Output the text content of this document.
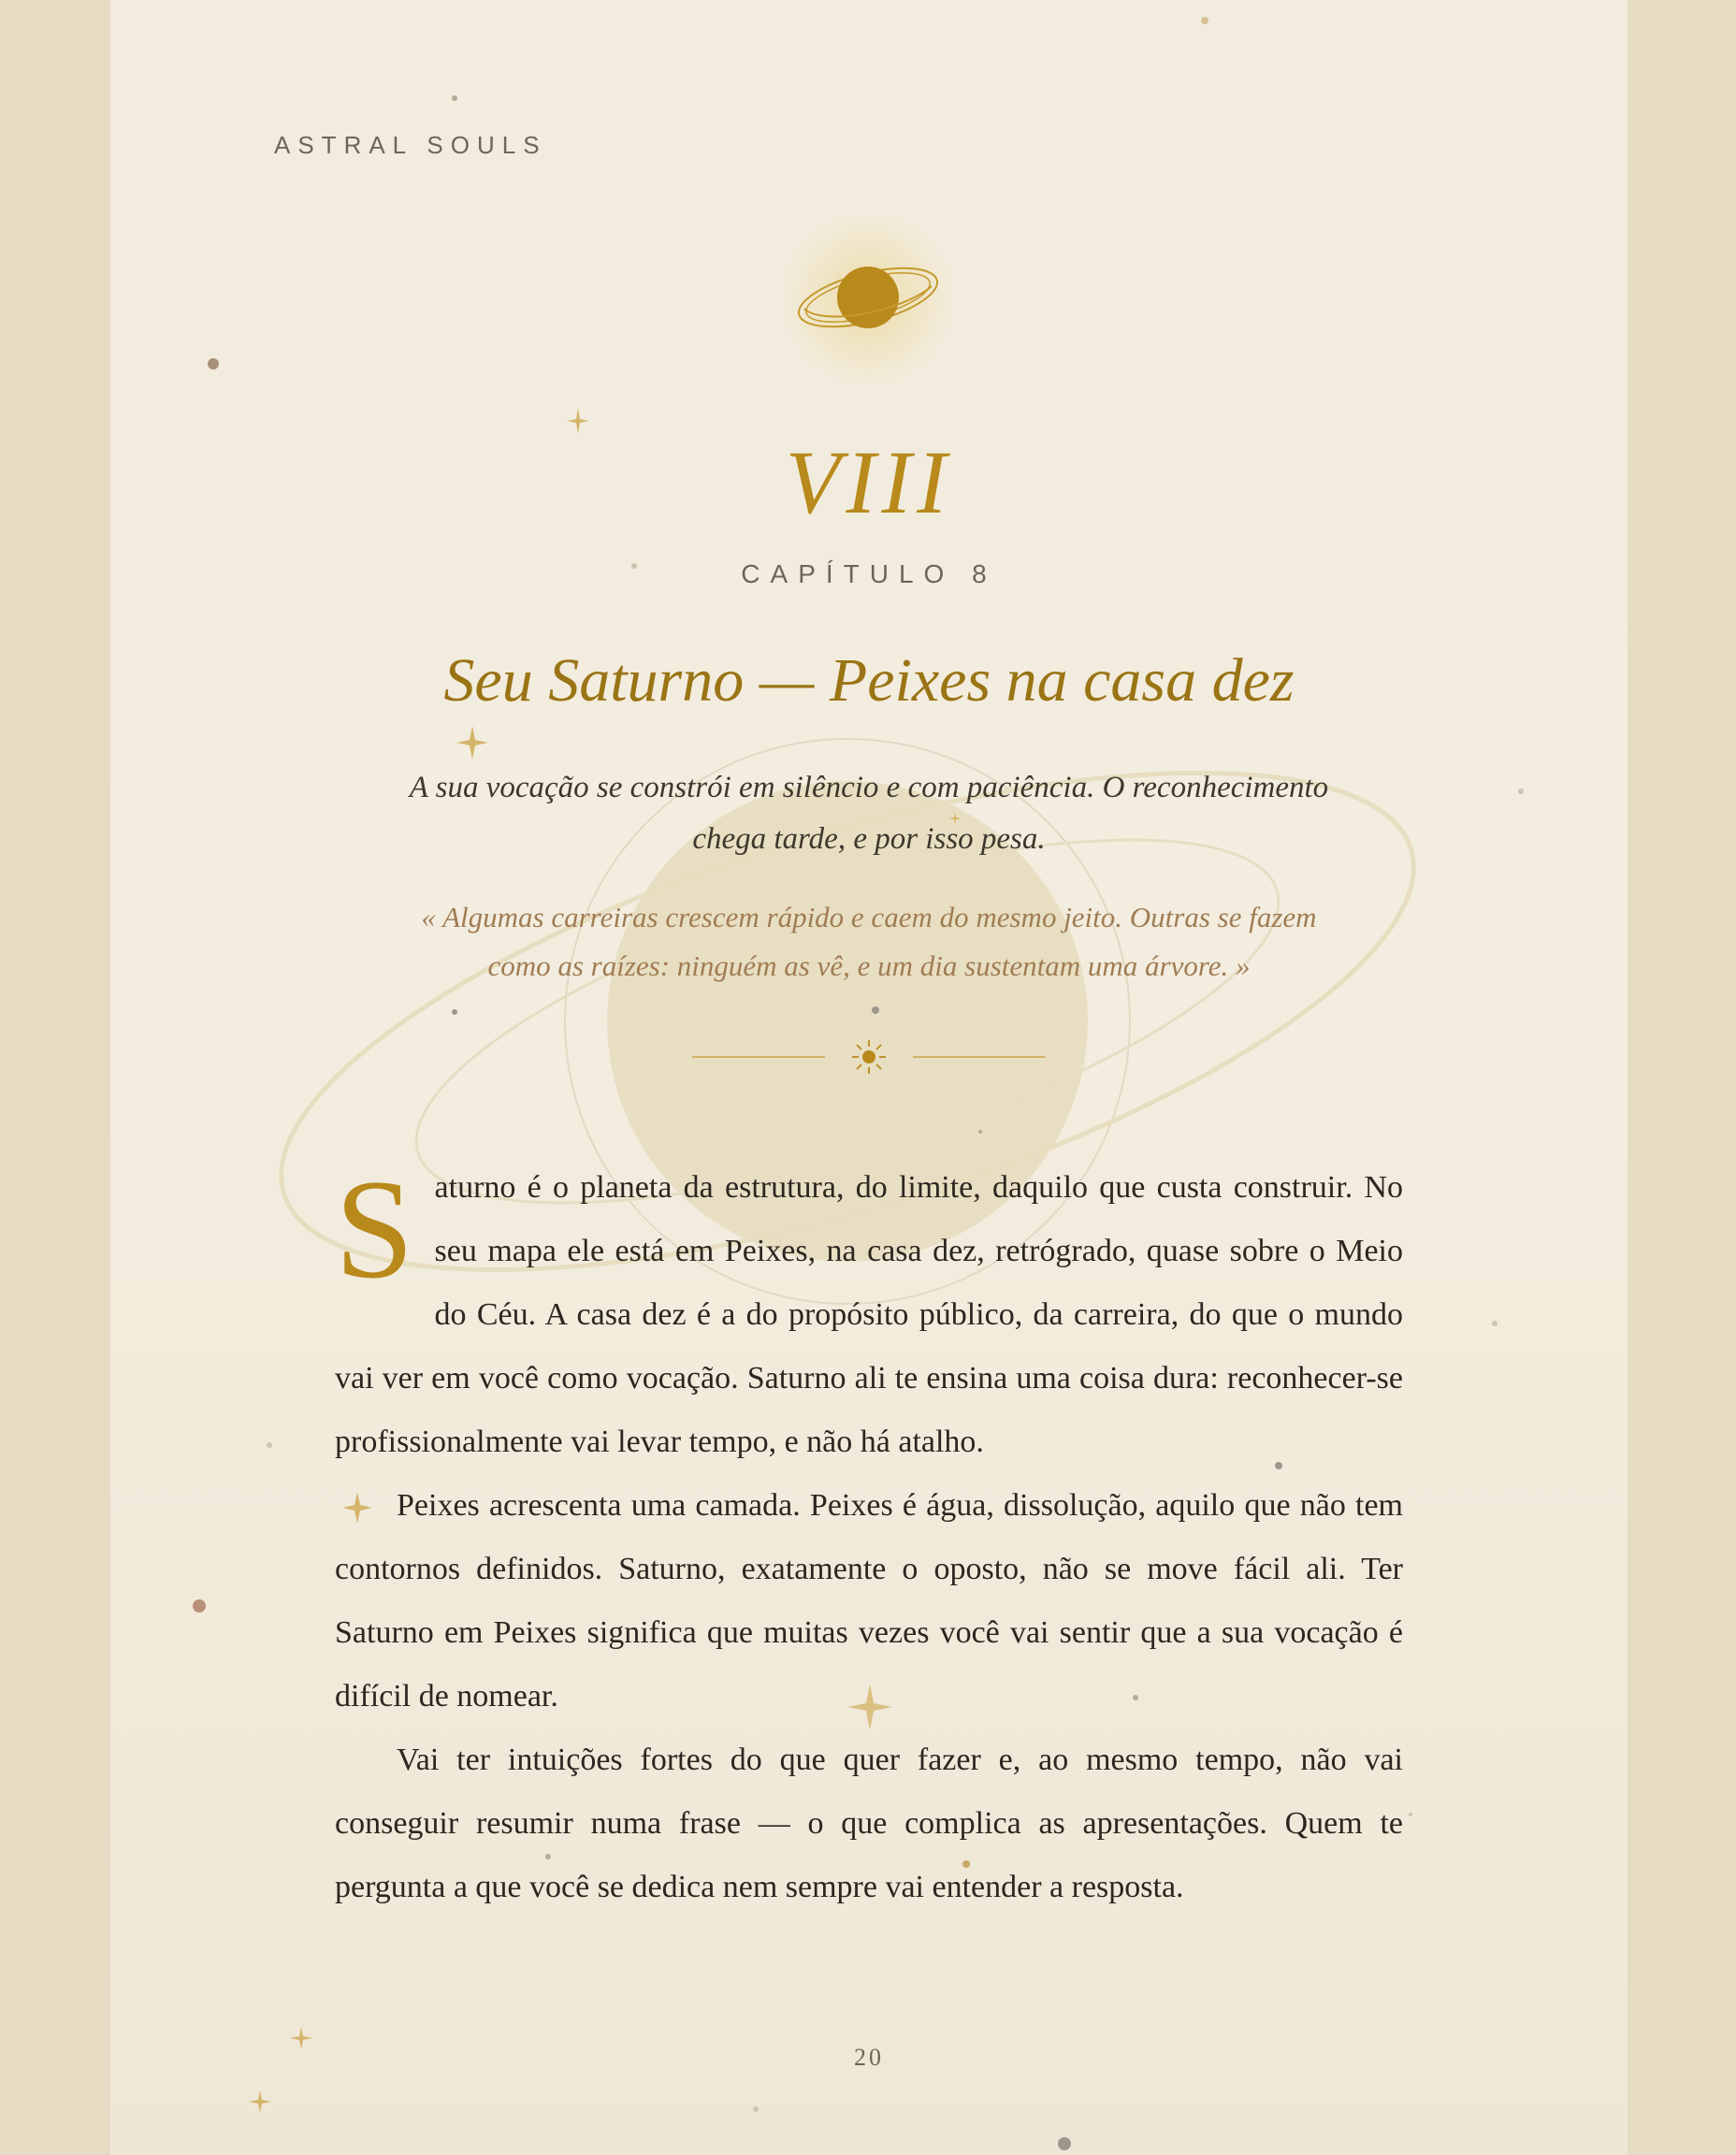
ASTRAL SOULS
VIII
CAPÍTULO 8
Seu Saturno — Peixes na casa dez
A sua vocação se constrói em silêncio e com paciência. O reconhecimento chega tarde, e por isso pesa.
« Algumas carreiras crescem rápido e caem do mesmo jeito. Outras se fazem como as raízes: ninguém as vê, e um dia sustentam uma árvore. »

Saturno é o planeta da estrutura, do limite, daquilo que custa construir. No seu mapa ele está em Peixes, na casa dez, retrógrado, quase sobre o Meio do Céu. A casa dez é a do propósito público, da carreira, do que o mundo vai ver em você como vocação. Saturno ali te ensina uma coisa dura: reconhecer-se profissionalmente vai levar tempo, e não há atalho.

Peixes acrescenta uma camada. Peixes é água, dissolução, aquilo que não tem contornos definidos. Saturno, exatamente o oposto, não se move fácil ali. Ter Saturno em Peixes significa que muitas vezes você vai sentir que a sua vocação é difícil de nomear.

Vai ter intuições fortes do que quer fazer e, ao mesmo tempo, não vai conseguir resumir numa frase — o que complica as apresentações. Quem te pergunta a que você se dedica nem sempre vai entender a resposta.

20
